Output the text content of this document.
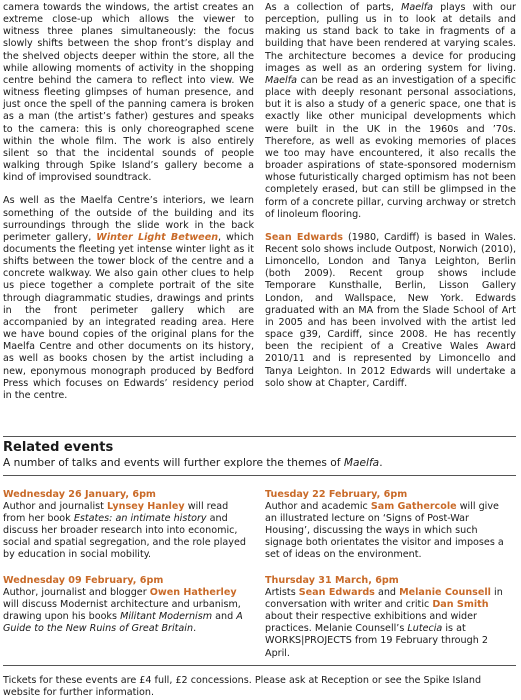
camera towards the windows, the artist creates an extreme close-up which allows the viewer to witness three planes simultaneously: the focus slowly shifts between the shop front’s display and the shelved objects deeper within the store, all the while allowing moments of activity in the shopping centre behind the camera to reflect into view. We witness fleeting glimpses of human presence, and just once the spell of the panning camera is broken as a man (the artist’s father) gestures and speaks to the camera: this is only choreographed scene within the whole film. The work is also entirely silent so that the incidental sounds of people walking through Spike Island’s gallery become a kind of improvised soundtrack.

As well as the Maelfa Centre’s interiors, we learn something of the outside of the building and its surroundings through the slide work in the back perimeter gallery, Winter Light Between, which documents the fleeting yet intense winter light as it shifts between the tower block of the centre and a concrete walkway. We also gain other clues to help us piece together a complete portrait of the site through diagrammatic studies, drawings and prints in the front perimeter gallery which are accompanied by an integrated reading area. Here we have bound copies of the original plans for the Maelfa Centre and other documents on its history, as well as books chosen by the artist including a new, eponymous monograph produced by Bedford Press which focuses on Edwards’ residency period in the centre.

As a collection of parts, Maelfa plays with our perception, pulling us in to look at details and making us stand back to take in fragments of a building that have been rendered at varying scales. The architecture becomes a device for producing images as well as an ordering system for living. Maelfa can be read as an investigation of a specific place with deeply resonant personal associations, but it is also a study of a generic space, one that is exactly like other municipal developments which were built in the UK in the 1960s and ’70s. Therefore, as well as evoking memories of places we too may have encountered, it also recalls the broader aspirations of state-sponsored modernism whose futuristically charged optimism has not been completely erased, but can still be glimpsed in the form of a concrete pillar, curving archway or stretch of linoleum flooring.

Sean Edwards (1980, Cardiff) is based in Wales. Recent solo shows include Outpost, Norwich (2010), Limoncello, London and Tanya Leighton, Berlin (both 2009). Recent group shows include Temporare Kunsthalle, Berlin, Lisson Gallery London, and Wallspace, New York. Edwards graduated with an MA from the Slade School of Art in 2005 and has been involved with the artist led space g39, Cardiff, since 2008. He has recently been the recipient of a Creative Wales Award 2010/11 and is represented by Limoncello and Tanya Leighton. In 2012 Edwards will undertake a solo show at Chapter, Cardiff.

Related events

A number of talks and events will further explore the themes of Maelfa.

Wednesday 26 January, 6pm
Author and journalist Lynsey Hanley will read from her book Estates: an intimate history and discuss her broader research into into economic, social and spatial segregation, and the role played by education in social mobility.
Tuesday 22 February, 6pm
Author and academic Sam Gathercole will give an illustrated lecture on ‘Signs of Post-War Housing’, discussing the ways in which such signage both orientates the visitor and imposes a set of ideas on the environment.
Wednesday 09 February, 6pm
Author, journalist and blogger Owen Hatherley will discuss Modernist architecture and urbanism, drawing upon his books Militant Modernism and A Guide to the New Ruins of Great Britain.
Thursday 31 March, 6pm
Artists Sean Edwards and Melanie Counsell in conversation with writer and critic Dan Smith about their respective exhibitions and wider practices. Melanie Counsell’s Lutecia is at WORKS|PROJECTS from 19 February through 2 April.

Tickets for these events are £4 full, £2 concessions. Please ask at Reception or see the Spike Island website for further information.
